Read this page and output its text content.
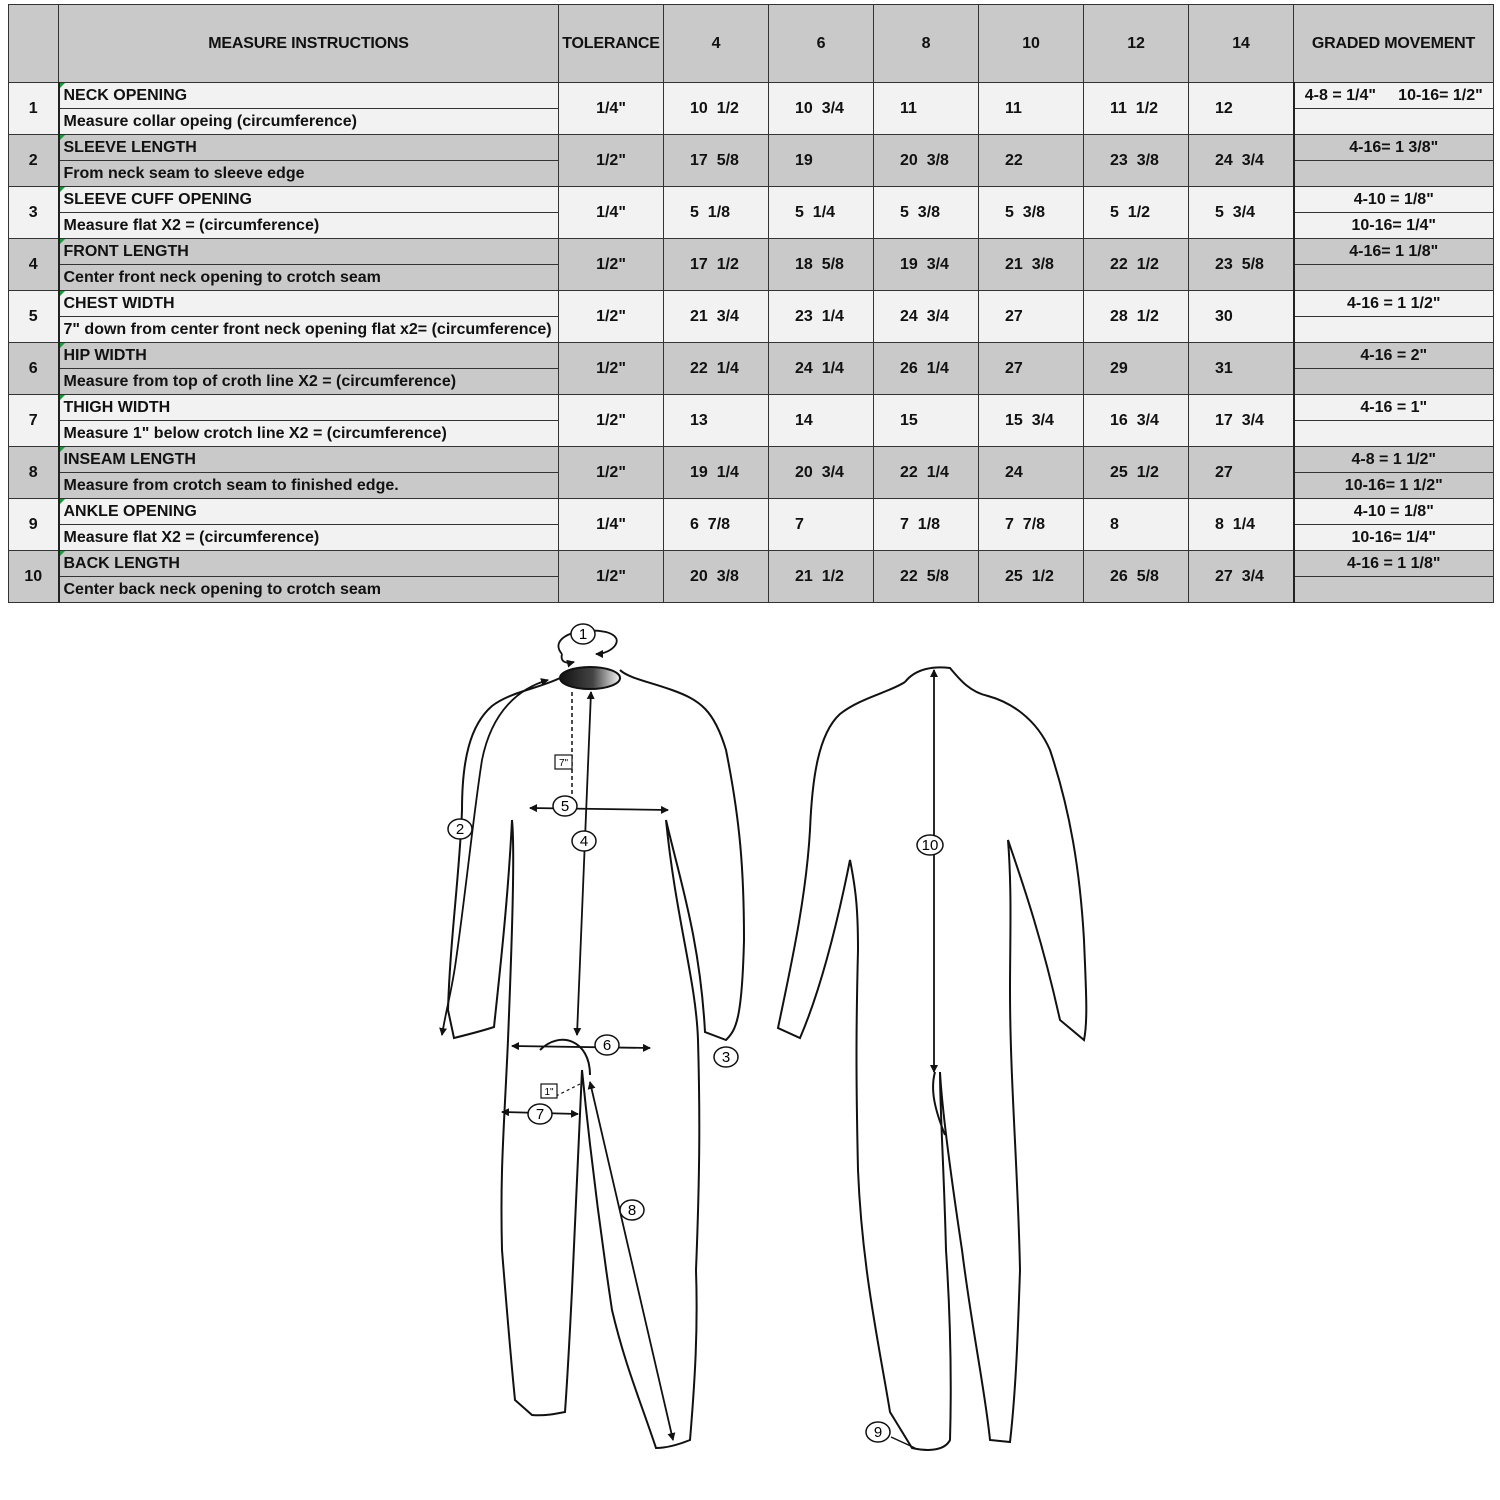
	MEASURE INSTRUCTIONS	TOLERANCE	4	6	8	10	12	14	GRADED MOVEMENT
1	NECK OPENING	1/4"	10  1/2	10  3/4	11	11	11  1/2	12	4-8 = 1/4"     10-16= 1/2"
	Measure collar opeing (circumference)								
2	SLEEVE LENGTH	1/2"	17  5/8	19	20  3/8	22	23  3/8	24  3/4	4-16= 1 3/8"
	From neck seam to sleeve edge								
3	SLEEVE CUFF OPENING	1/4"	5  1/8	5  1/4	5  3/8	5  3/8	5  1/2	5  3/4	4-10 = 1/8"
	Measure flat X2 = (circumference)								10-16= 1/4"
4	FRONT LENGTH	1/2"	17  1/2	18  5/8	19  3/4	21  3/8	22  1/2	23  5/8	4-16= 1 1/8"
	Center front neck opening to crotch seam								
5	CHEST WIDTH	1/2"	21  3/4	23  1/4	24  3/4	27	28  1/2	30	4-16 = 1 1/2"
	7" down from center front neck opening flat x2= (circumference)								
6	HIP WIDTH	1/2"	22  1/4	24  1/4	26  1/4	27	29	31	4-16 = 2"
	Measure from top of croth line X2 = (circumference)								
7	THIGH WIDTH	1/2"	13	14	15	15  3/4	16  3/4	17  3/4	4-16 = 1"
	Measure 1" below crotch line X2 = (circumference)								
8	INSEAM LENGTH	1/2"	19  1/4	20  3/4	22  1/4	24	25  1/2	27	4-8 = 1 1/2"
	Measure from crotch seam to finished edge.								10-16= 1 1/2"
9	ANKLE OPENING	1/4"	6  7/8	7	7  1/8	7  7/8	8	8  1/4	4-10 = 1/8"
	Measure flat X2 = (circumference)								10-16= 1/4"
10	BACK LENGTH	1/2"	20  3/8	21  1/2	22  5/8	25  1/2	26  5/8	27  3/4	4-16 = 1 1/8"
	Center back neck opening to crotch seam								
7"
1"
1
2
3
4
5
6
7
8
9
10
